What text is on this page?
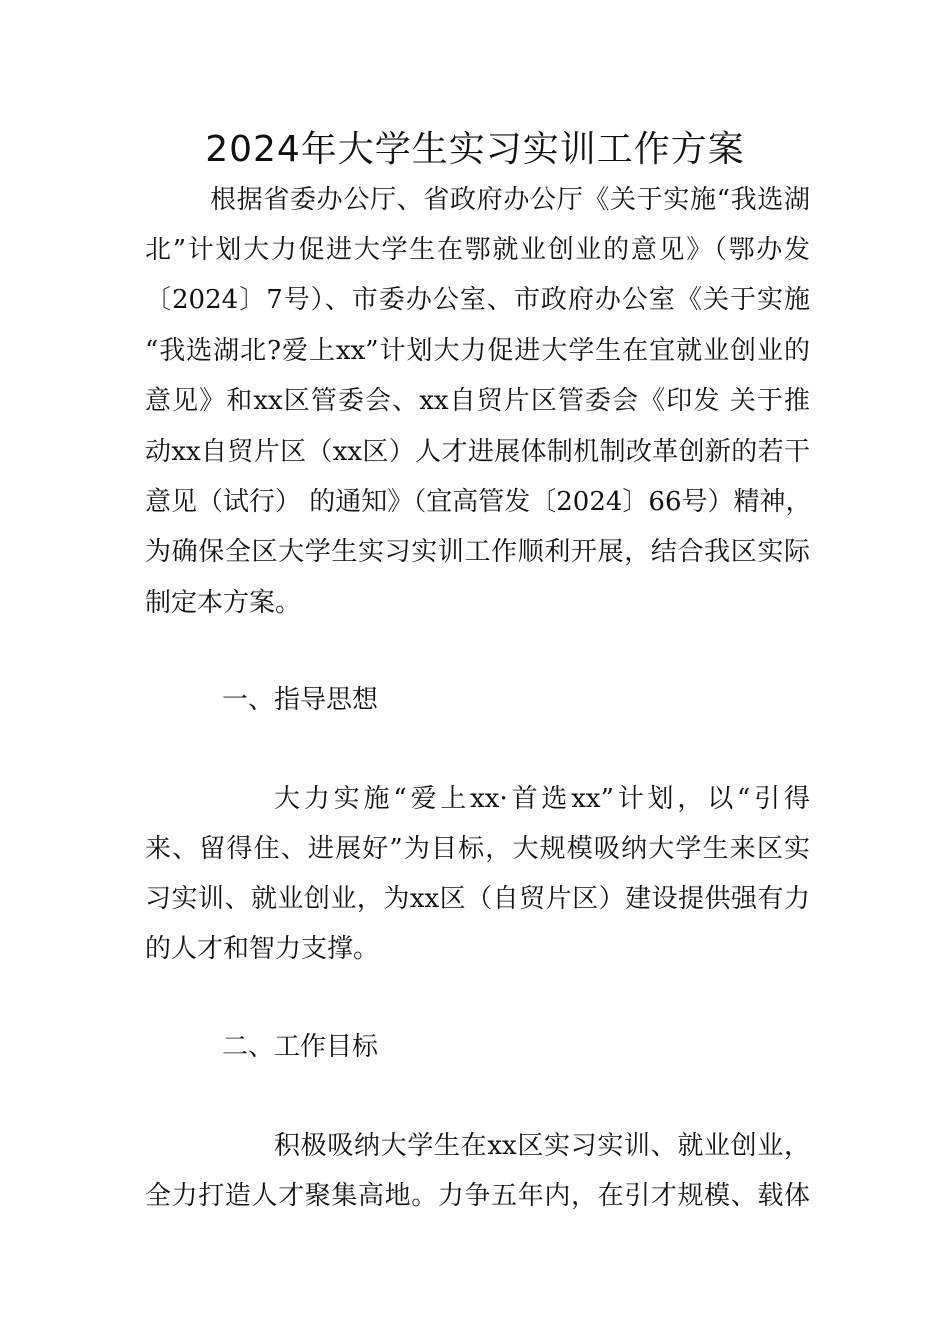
2024年大学生实习实训工作方案

根据省委办公厅、省政府办公厅《关于实施“我选湖

北”计划大力促进大学生在鄂就业创业的意见》（鄂办发

〔2024〕7号）、市委办公室、市政府办公室《关于实施

“我选湖北?爱上xx”计划大力促进大学生在宜就业创业的

意见》和xx区管委会、xx自贸片区管委会《印发 关于推

动xx自贸片区（xx区）人才进展体制机制改革创新的若干

意见（试行） 的通知》（宜高管发〔2024〕66号）精神，

为确保全区大学生实习实训工作顺利开展，结合我区实际

制定本方案。

一、指导思想

大力实施“爱上xx·首选xx”计划，以“引得

来、留得住、进展好”为目标，大规模吸纳大学生来区实

习实训、就业创业，为xx区（自贸片区）建设提供强有力

的人才和智力支撑。

二、工作目标

积极吸纳大学生在xx区实习实训、就业创业，

全力打造人才聚集高地。力争五年内，在引才规模、载体
